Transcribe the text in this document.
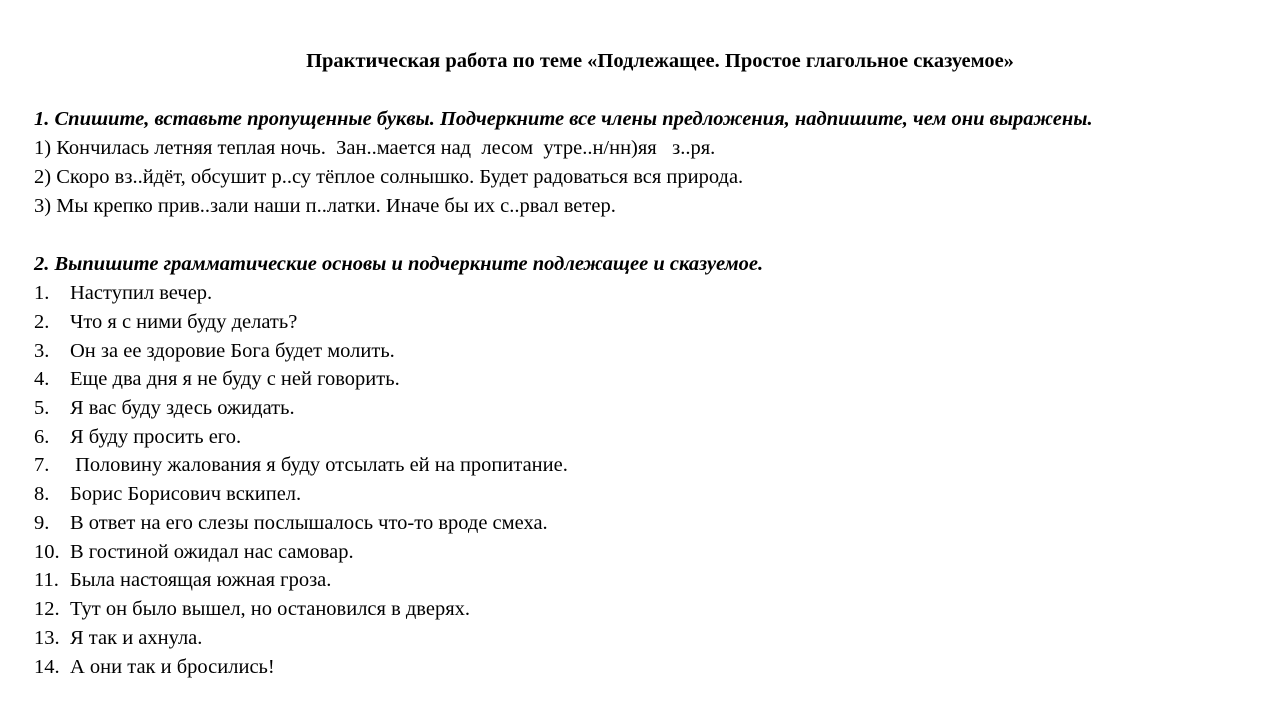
Практическая работа по теме «Подлежащее. Простое глагольное сказуемое»
1. Спишите, вставьте пропущенные буквы. Подчеркните все члены предложения, надпишите, чем они выражены.
1) Кончилась летняя теплая ночь.  Зан..мается над  лесом  утре..н/нн)яя   з..ря.
2) Скоро вз..йдёт, обсушит р..су тёплое солнышко. Будет радоваться вся природа.
3) Мы крепко прив..зали наши п..латки. Иначе бы их с..рвал ветер.
2. Выпишите грамматические основы и подчеркните подлежащее и сказуемое.
1. Наступил вечер.
2. Что я с ними буду делать?
3. Он за ее здоровие Бога будет молить.
4. Еще два дня я не буду с ней говорить.
5. Я вас буду здесь ожидать.
6. Я буду просить его.
7. Половину жалования я буду отсылать ей на пропитание.
8. Борис Борисович вскипел.
9. В ответ на его слезы послышалось что-то вроде смеха.
10. В гостиной ожидал нас самовар.
11. Была настоящая южная гроза.
12. Тут он было вышел, но остановился в дверях.
13. Я так и ахнула.
14. А они так и бросились!
